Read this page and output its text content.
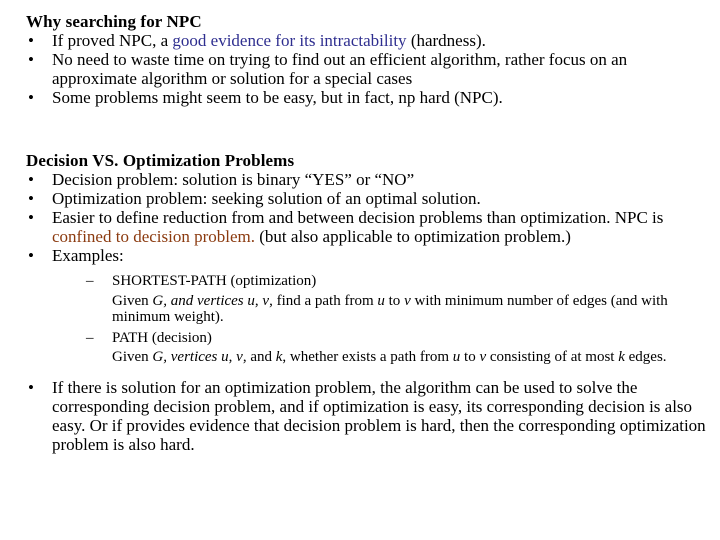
Why searching for NPC
•	If proved NPC, a good evidence for its intractability (hardness).
•	No need to waste time on trying to find out an efficient algorithm, rather focus on an approximate algorithm or solution for a special cases
•	Some problems might seem to be easy, but in fact, np hard (NPC).
Decision VS. Optimization Problems
•	Decision problem: solution is binary “YES” or “NO”
•	Optimization problem: seeking solution of an optimal solution.
•	Easier to define reduction from and between decision problems than optimization. NPC is confined to decision problem. (but also applicable to optimization problem.)
•	Examples:
–	SHORTEST-PATH (optimization)
Given G, and vertices u, v, find a path from u to v with minimum number of edges (and with minimum weight).
–	PATH (decision)
Given G, vertices u, v, and k, whether exists a path from u to v consisting of at most k edges.
•	If there is solution for an optimization problem, the algorithm can be used to solve the corresponding decision problem, and if optimization is easy, its corresponding decision is also easy. Or if provides evidence that decision problem is hard, then the corresponding optimization problem is also hard.
